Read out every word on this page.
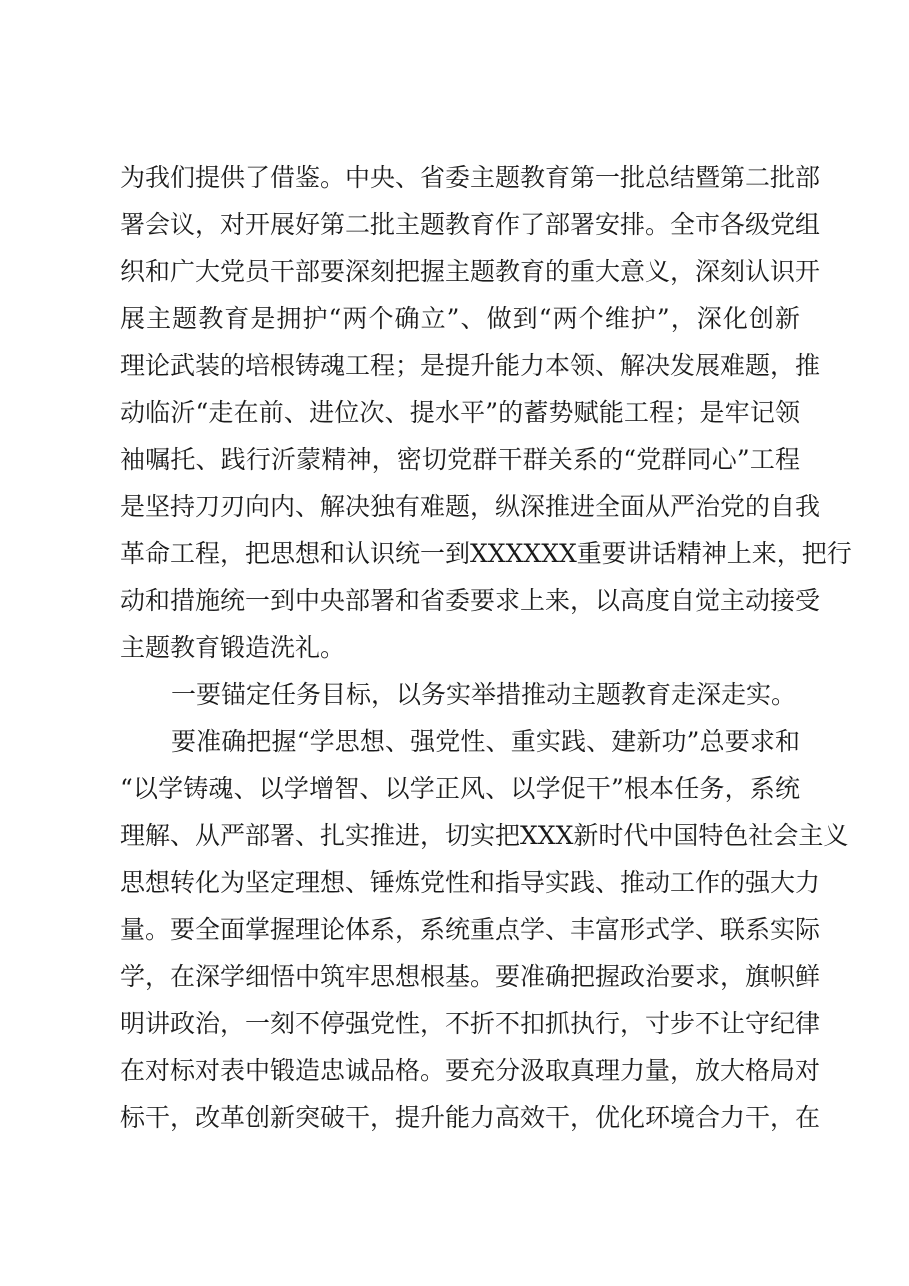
为我们提供了借鉴。中央、省委主题教育第一批总结暨第二批部
署会议，对开展好第二批主题教育作了部署安排。全市各级党组
织和广大党员干部要深刻把握主题教育的重大意义，深刻认识开
展主题教育是拥护“两个确立”、做到“两个维护”，深化创新
理论武装的培根铸魂工程；是提升能力本领、解决发展难题，推
动临沂“走在前、进位次、提水平”的蓄势赋能工程；是牢记领
袖嘱托、践行沂蒙精神，密切党群干群关系的“党群同心”工程
是坚持刀刃向内、解决独有难题，纵深推进全面从严治党的自我
革命工程，把思想和认识统一到XXXXXX重要讲话精神上来，把行
动和措施统一到中央部署和省委要求上来，以高度自觉主动接受
主题教育锻造洗礼。
一要锚定任务目标，以务实举措推动主题教育走深走实。
要准确把握“学思想、强党性、重实践、建新功”总要求和
“以学铸魂、以学增智、以学正风、以学促干”根本任务，系统
理解、从严部署、扎实推进，切实把XXX新时代中国特色社会主义
思想转化为坚定理想、锤炼党性和指导实践、推动工作的强大力
量。要全面掌握理论体系，系统重点学、丰富形式学、联系实际
学，在深学细悟中筑牢思想根基。要准确把握政治要求，旗帜鲜
明讲政治，一刻不停强党性，不折不扣抓执行，寸步不让守纪律
在对标对表中锻造忠诚品格。要充分汲取真理力量，放大格局对
标干，改革创新突破干，提升能力高效干，优化环境合力干，在
